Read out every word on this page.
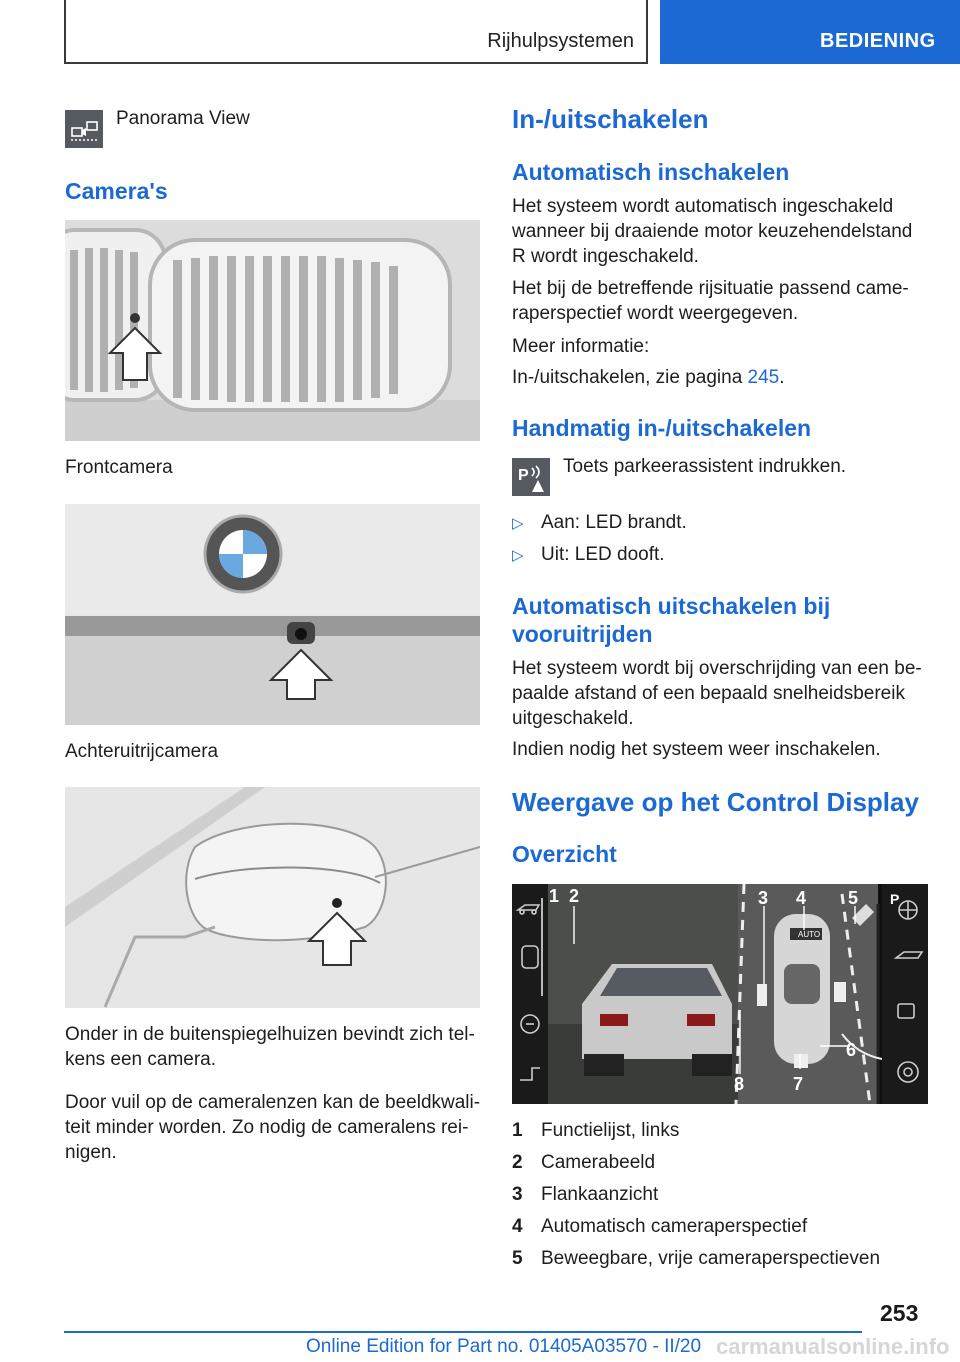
Rijhulpsystemen	BEDIENING
Panorama View
Camera's
Frontcamera
Achteruitrijcamera
Onder in de buitenspiegelhuizen bevindt zich tel-
kens een camera.
Door vuil op de cameralenzen kan de beeldkwali-
teit minder worden. Zo nodig de cameralens rei-
nigen.
In-/uitschakelen
Automatisch inschakelen
Het systeem wordt automatisch ingeschakeld
wanneer bij draaiende motor keuzehendelstand
R wordt ingeschakeld.
Het bij de betreffende rijsituatie passend came-
raperspectief wordt weergegeven.
Meer informatie:
In-/uitschakelen, zie pagina 245.
Handmatig in-/uitschakelen
P Toets parkeerassistent indrukken.
▷ Aan: LED brandt.
▷ Uit: LED dooft.
Automatisch uitschakelen bij
vooruitrijden
Het systeem wordt bij overschrijding van een be-
paalde afstand of een bepaald snelheidsbereik
uitgeschakeld.
Indien nodig het systeem weer inschakelen.
Weergave op het Control Display
Overzicht
AUTO
P
1 2	3 4 5
6
7
8
1 Functielijst, links
2 Camerabeeld
3 Flankaanzicht
4 Automatisch cameraperspectief
5 Beweegbare, vrije cameraperspectieven
253
Online Edition for Part no. 01405A03570 - II/20 carmanualsonline.info
